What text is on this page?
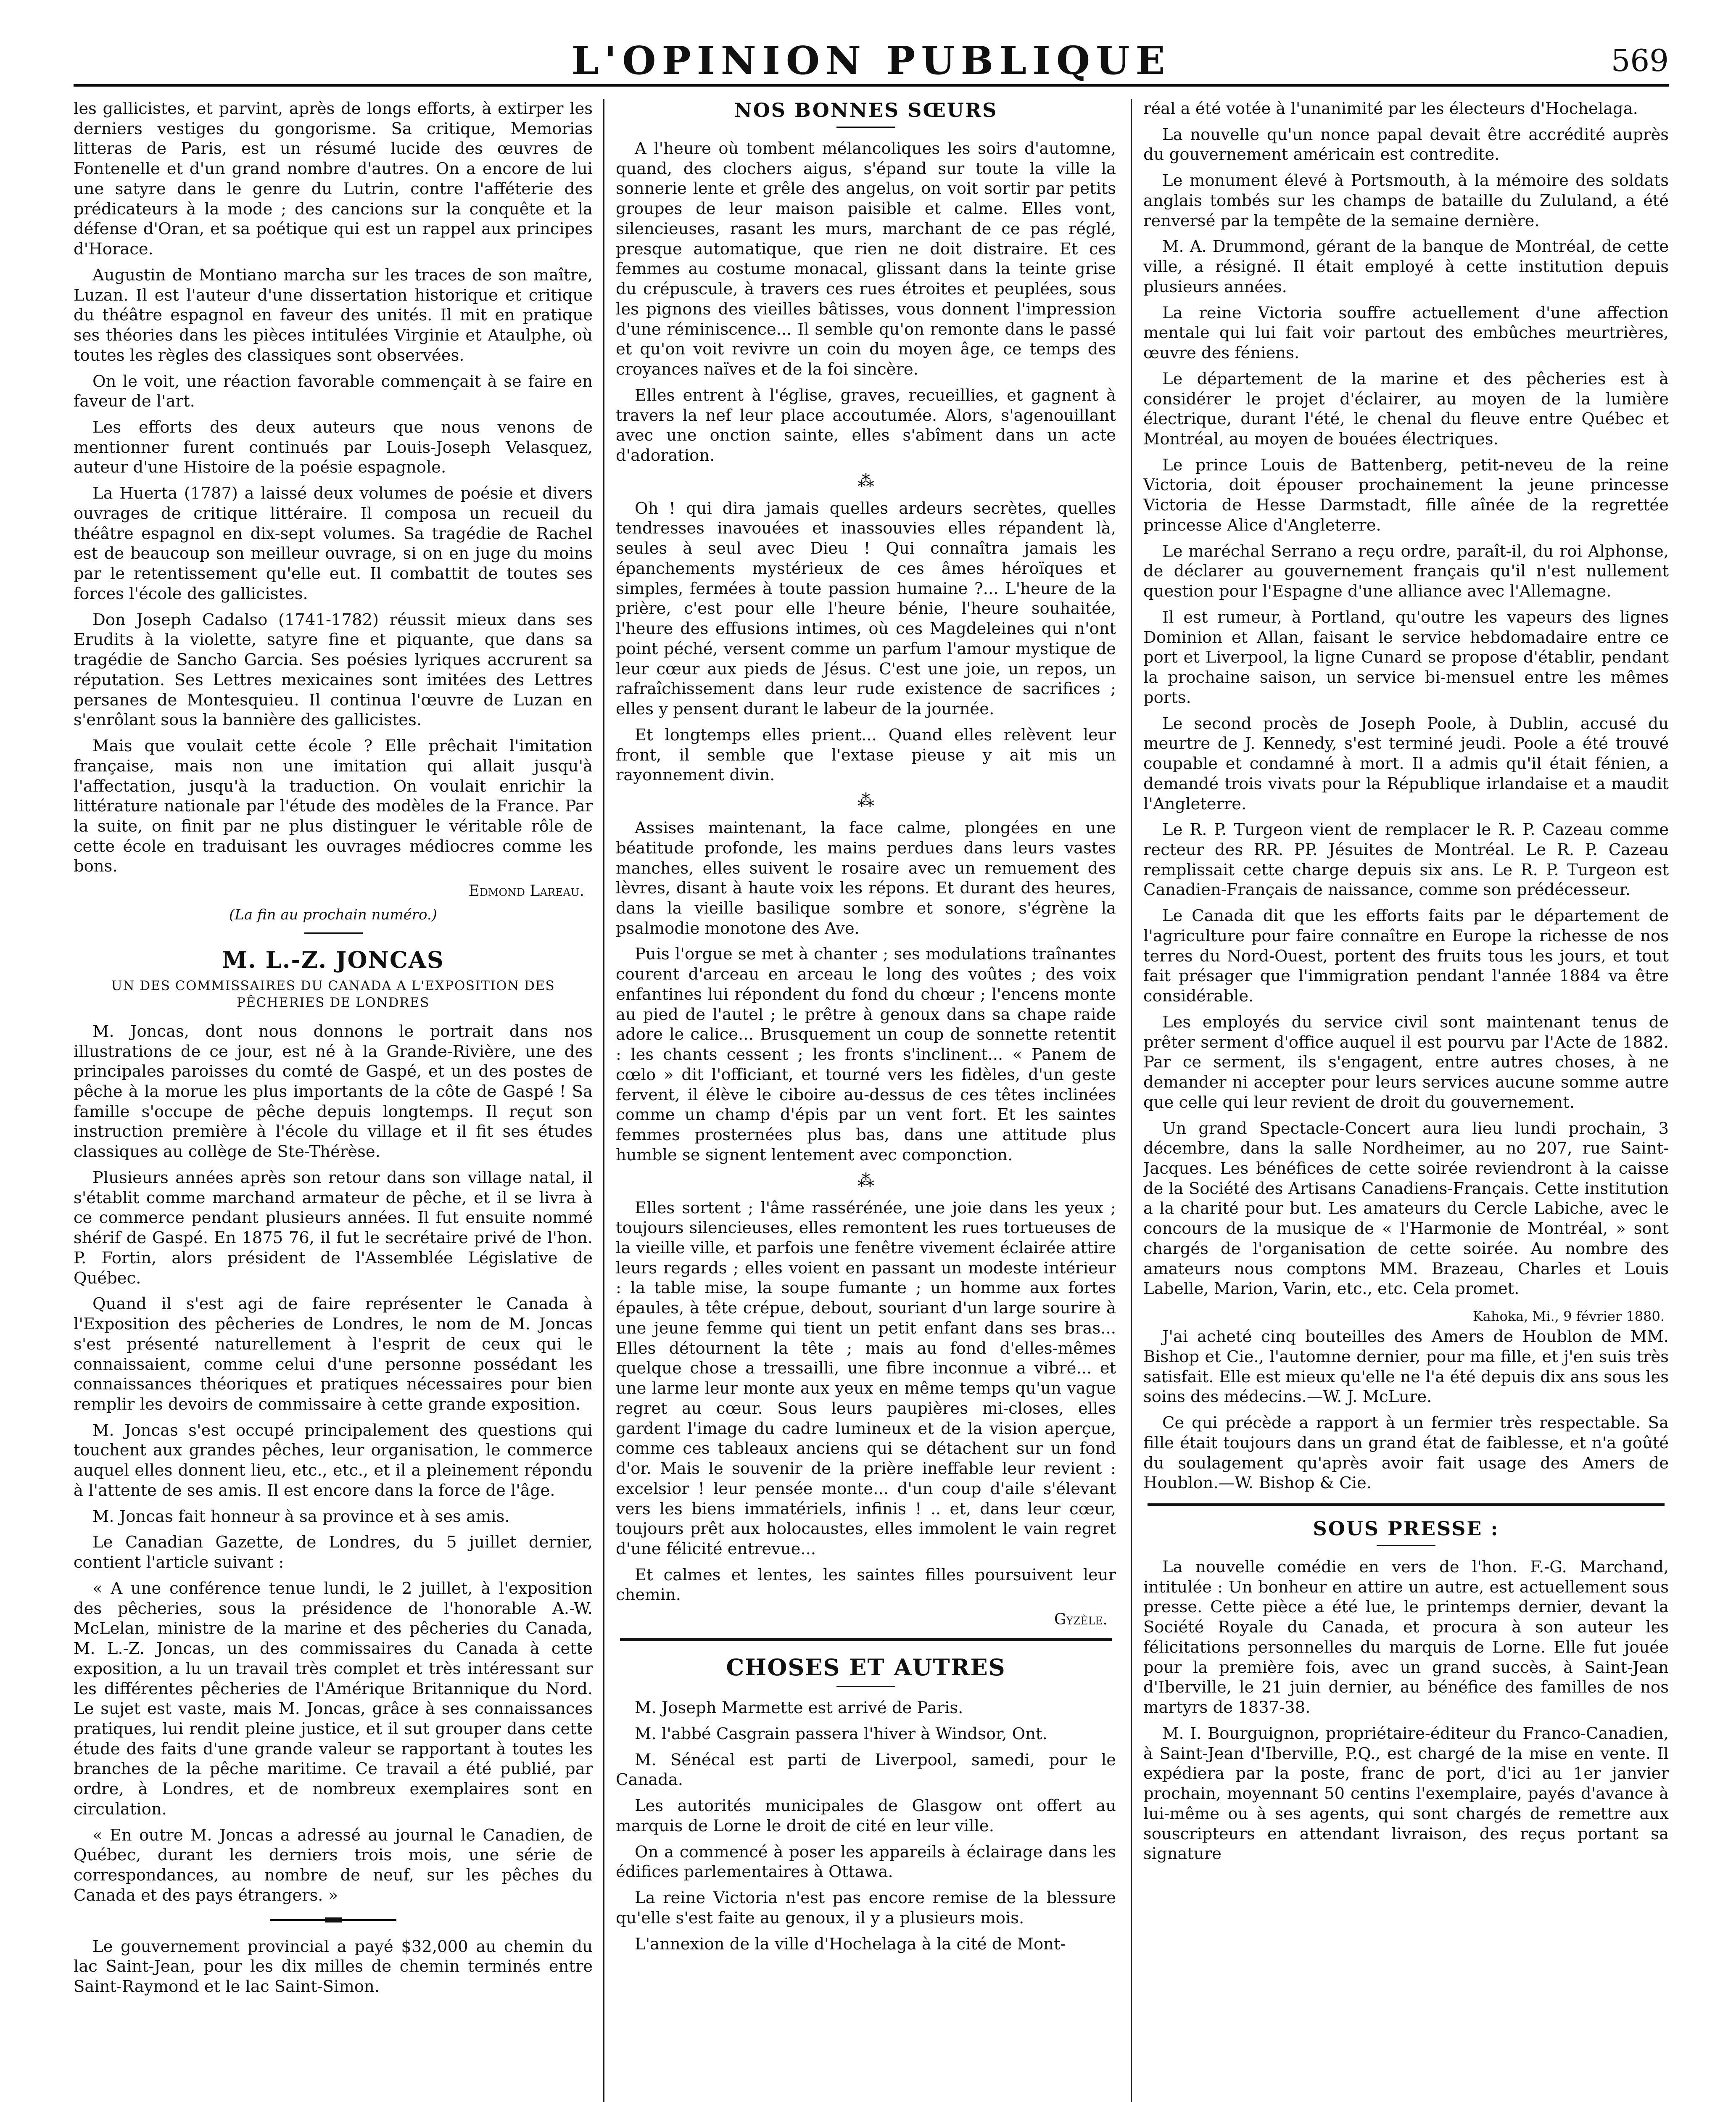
L'OPINION PUBLIQUE	569

les gallicistes, et parvint, après de longs efforts, à extirper les derniers vestiges du gongorisme. Sa critique, Memorias litteras de Paris, est un résumé lucide des œuvres de Fontenelle et d'un grand nombre d'autres. On a encore de lui une satyre dans le genre du Lutrin, contre l'afféterie des prédicateurs à la mode ; des cancions sur la conquête et la défense d'Oran, et sa poétique qui est un rappel aux principes d'Horace.

Augustin de Montiano marcha sur les traces de son maître, Luzan. Il est l'auteur d'une dissertation historique et critique du théâtre espagnol en faveur des unités. Il mit en pratique ses théories dans les pièces intitulées Virginie et Ataulphe, où toutes les règles des classiques sont observées.

On le voit, une réaction favorable commençait à se faire en faveur de l'art.

Les efforts des deux auteurs que nous venons de mentionner furent continués par Louis-Joseph Velasquez, auteur d'une Histoire de la poésie espagnole.

La Huerta (1787) a laissé deux volumes de poésie et divers ouvrages de critique littéraire. Il composa un recueil du théâtre espagnol en dix-sept volumes. Sa tragédie de Rachel est de beaucoup son meilleur ouvrage, si on en juge du moins par le retentissement qu'elle eut. Il combattit de toutes ses forces l'école des gallicistes.

Don Joseph Cadalso (1741-1782) réussit mieux dans ses Erudits à la violette, satyre fine et piquante, que dans sa tragédie de Sancho Garcia. Ses poésies lyriques accrurent sa réputation. Ses Lettres mexicaines sont imitées des Lettres persanes de Montesquieu. Il continua l'œuvre de Luzan en s'enrôlant sous la bannière des gallicistes.

Mais que voulait cette école ? Elle prêchait l'imitation française, mais non une imitation qui allait jusqu'à l'affectation, jusqu'à la traduction. On voulait enrichir la littérature nationale par l'étude des modèles de la France. Par la suite, on finit par ne plus distinguer le véritable rôle de cette école en traduisant les ouvrages médiocres comme les bons.

Edmond Lareau.
(La fin au prochain numéro.)
M. L.-Z. JONCAS
UN DES COMMISSAIRES DU CANADA A L'EXPOSITION DES PÊCHERIES DE LONDRES

M. Joncas, dont nous donnons le portrait dans nos illustrations de ce jour, est né à la Grande-Rivière, une des principales paroisses du comté de Gaspé, et un des postes de pêche à la morue les plus importants de la côte de Gaspé ! Sa famille s'occupe de pêche depuis longtemps. Il reçut son instruction première à l'école du village et il fit ses études classiques au collège de Ste-Thérèse.

Plusieurs années après son retour dans son village natal, il s'établit comme marchand armateur de pêche, et il se livra à ce commerce pendant plusieurs années. Il fut ensuite nommé shérif de Gaspé. En 1875 76, il fut le secrétaire privé de l'hon. P. Fortin, alors président de l'Assemblée Législative de Québec.

Quand il s'est agi de faire représenter le Canada à l'Exposition des pêcheries de Londres, le nom de M. Joncas s'est présenté naturellement à l'esprit de ceux qui le connaissaient, comme celui d'une personne possédant les connaissances théoriques et pratiques nécessaires pour bien remplir les devoirs de commissaire à cette grande exposition.

M. Joncas s'est occupé principalement des questions qui touchent aux grandes pêches, leur organisation, le commerce auquel elles donnent lieu, etc., etc., et il a pleinement répondu à l'attente de ses amis. Il est encore dans la force de l'âge.

M. Joncas fait honneur à sa province et à ses amis.

Le Canadian Gazette, de Londres, du 5 juillet dernier, contient l'article suivant :

« A une conférence tenue lundi, le 2 juillet, à l'exposition des pêcheries, sous la présidence de l'honorable A.-W. McLelan, ministre de la marine et des pêcheries du Canada, M. L.-Z. Joncas, un des commissaires du Canada à cette exposition, a lu un travail très complet et très intéressant sur les différentes pêcheries de l'Amérique Britannique du Nord. Le sujet est vaste, mais M. Joncas, grâce à ses connaissances pratiques, lui rendit pleine justice, et il sut grouper dans cette étude des faits d'une grande valeur se rapportant à toutes les branches de la pêche maritime. Ce travail a été publié, par ordre, à Londres, et de nombreux exemplaires sont en circulation.

« En outre M. Joncas a adressé au journal le Canadien, de Québec, durant les derniers trois mois, une série de correspondances, au nombre de neuf, sur les pêches du Canada et des pays étrangers. »

Le gouvernement provincial a payé $32,000 au chemin du lac Saint-Jean, pour les dix milles de chemin terminés entre Saint-Raymond et le lac Saint-Simon.

NOS BONNES SŒURS

A l'heure où tombent mélancoliques les soirs d'automne, quand, des clochers aigus, s'épand sur toute la ville la sonnerie lente et grêle des angelus, on voit sortir par petits groupes de leur maison paisible et calme. Elles vont, silencieuses, rasant les murs, marchant de ce pas réglé, presque automatique, que rien ne doit distraire. Et ces femmes au costume monacal, glissant dans la teinte grise du crépuscule, à travers ces rues étroites et peuplées, sous les pignons des vieilles bâtisses, vous donnent l'impression d'une réminiscence... Il semble qu'on remonte dans le passé et qu'on voit revivre un coin du moyen âge, ce temps des croyances naïves et de la foi sincère.

Elles entrent à l'église, graves, recueillies, et gagnent à travers la nef leur place accoutumée. Alors, s'agenouillant avec une onction sainte, elles s'abîment dans un acte d'adoration.

⁂

Oh ! qui dira jamais quelles ardeurs secrètes, quelles tendresses inavouées et inassouvies elles répandent là, seules à seul avec Dieu ! Qui connaîtra jamais les épanchements mystérieux de ces âmes héroïques et simples, fermées à toute passion humaine ?... L'heure de la prière, c'est pour elle l'heure bénie, l'heure souhaitée, l'heure des effusions intimes, où ces Magdeleines qui n'ont point péché, versent comme un parfum l'amour mystique de leur cœur aux pieds de Jésus. C'est une joie, un repos, un rafraîchissement dans leur rude existence de sacrifices ; elles y pensent durant le labeur de la journée.

Et longtemps elles prient... Quand elles relèvent leur front, il semble que l'extase pieuse y ait mis un rayonnement divin.

⁂

Assises maintenant, la face calme, plongées en une béatitude profonde, les mains perdues dans leurs vastes manches, elles suivent le rosaire avec un remuement des lèvres, disant à haute voix les répons. Et durant des heures, dans la vieille basilique sombre et sonore, s'égrène la psalmodie monotone des Ave.

Puis l'orgue se met à chanter ; ses modulations traînantes courent d'arceau en arceau le long des voûtes ; des voix enfantines lui répondent du fond du chœur ; l'encens monte au pied de l'autel ; le prêtre à genoux dans sa chape raide adore le calice... Brusquement un coup de sonnette retentit : les chants cessent ; les fronts s'inclinent... « Panem de cœlo » dit l'officiant, et tourné vers les fidèles, d'un geste fervent, il élève le ciboire au-dessus de ces têtes inclinées comme un champ d'épis par un vent fort. Et les saintes femmes prosternées plus bas, dans une attitude plus humble se signent lentement avec componction.

⁂

Elles sortent ; l'âme rassérénée, une joie dans les yeux ; toujours silencieuses, elles remontent les rues tortueuses de la vieille ville, et parfois une fenêtre vivement éclairée attire leurs regards ; elles voient en passant un modeste intérieur : la table mise, la soupe fumante ; un homme aux fortes épaules, à tête crépue, debout, souriant d'un large sourire à une jeune femme qui tient un petit enfant dans ses bras... Elles détournent la tête ; mais au fond d'elles-mêmes quelque chose a tressailli, une fibre inconnue a vibré... et une larme leur monte aux yeux en même temps qu'un vague regret au cœur. Sous leurs paupières mi-closes, elles gardent l'image du cadre lumineux et de la vision aperçue, comme ces tableaux anciens qui se détachent sur un fond d'or. Mais le souvenir de la prière ineffable leur revient : excelsior ! leur pensée monte... d'un coup d'aile s'élevant vers les biens immatériels, infinis ! .. et, dans leur cœur, toujours prêt aux holocaustes, elles immolent le vain regret d'une félicité entrevue...

Et calmes et lentes, les saintes filles poursuivent leur chemin.

Gyzèle.
CHOSES ET AUTRES

M. Joseph Marmette est arrivé de Paris.

M. l'abbé Casgrain passera l'hiver à Windsor, Ont.

M. Sénécal est parti de Liverpool, samedi, pour le Canada.

Les autorités municipales de Glasgow ont offert au marquis de Lorne le droit de cité en leur ville.

On a commencé à poser les appareils à éclairage dans les édifices parlementaires à Ottawa.

La reine Victoria n'est pas encore remise de la blessure qu'elle s'est faite au genoux, il y a plusieurs mois.

L'annexion de la ville d'Hochelaga à la cité de Mont-

réal a été votée à l'unanimité par les électeurs d'Hochelaga.

La nouvelle qu'un nonce papal devait être accrédité auprès du gouvernement américain est contredite.

Le monument élevé à Portsmouth, à la mémoire des soldats anglais tombés sur les champs de bataille du Zululand, a été renversé par la tempête de la semaine dernière.

M. A. Drummond, gérant de la banque de Montréal, de cette ville, a résigné. Il était employé à cette institution depuis plusieurs années.

La reine Victoria souffre actuellement d'une affection mentale qui lui fait voir partout des embûches meurtrières, œuvre des féniens.

Le département de la marine et des pêcheries est à considérer le projet d'éclairer, au moyen de la lumière électrique, durant l'été, le chenal du fleuve entre Québec et Montréal, au moyen de bouées électriques.

Le prince Louis de Battenberg, petit-neveu de la reine Victoria, doit épouser prochainement la jeune princesse Victoria de Hesse Darmstadt, fille aînée de la regrettée princesse Alice d'Angleterre.

Le maréchal Serrano a reçu ordre, paraît-il, du roi Alphonse, de déclarer au gouvernement français qu'il n'est nullement question pour l'Espagne d'une alliance avec l'Allemagne.

Il est rumeur, à Portland, qu'outre les vapeurs des lignes Dominion et Allan, faisant le service hebdomadaire entre ce port et Liverpool, la ligne Cunard se propose d'établir, pendant la prochaine saison, un service bi-mensuel entre les mêmes ports.

Le second procès de Joseph Poole, à Dublin, accusé du meurtre de J. Kennedy, s'est terminé jeudi. Poole a été trouvé coupable et condamné à mort. Il a admis qu'il était fénien, a demandé trois vivats pour la République irlandaise et a maudit l'Angleterre.

Le R. P. Turgeon vient de remplacer le R. P. Cazeau comme recteur des RR. PP. Jésuites de Montréal. Le R. P. Cazeau remplissait cette charge depuis six ans. Le R. P. Turgeon est Canadien-Français de naissance, comme son prédécesseur.

Le Canada dit que les efforts faits par le département de l'agriculture pour faire connaître en Europe la richesse de nos terres du Nord-Ouest, portent des fruits tous les jours, et tout fait présager que l'immigration pendant l'année 1884 va être considérable.

Les employés du service civil sont maintenant tenus de prêter serment d'office auquel il est pourvu par l'Acte de 1882. Par ce serment, ils s'engagent, entre autres choses, à ne demander ni accepter pour leurs services aucune somme autre que celle qui leur revient de droit du gouvernement.

Un grand Spectacle-Concert aura lieu lundi prochain, 3 décembre, dans la salle Nordheimer, au no 207, rue Saint-Jacques. Les bénéfices de cette soirée reviendront à la caisse de la Société des Artisans Canadiens-Français. Cette institution a la charité pour but. Les amateurs du Cercle Labiche, avec le concours de la musique de « l'Harmonie de Montréal, » sont chargés de l'organisation de cette soirée. Au nombre des amateurs nous comptons MM. Brazeau, Charles et Louis Labelle, Marion, Varin, etc., etc. Cela promet.

Kahoka, Mi., 9 février 1880.

J'ai acheté cinq bouteilles des Amers de Houblon de MM. Bishop et Cie., l'automne dernier, pour ma fille, et j'en suis très satisfait. Elle est mieux qu'elle ne l'a été depuis dix ans sous les soins des médecins.—W. J. McLure.

Ce qui précède a rapport à un fermier très respectable. Sa fille était toujours dans un grand état de faiblesse, et n'a goûté du soulagement qu'après avoir fait usage des Amers de Houblon.—W. Bishop & Cie.

SOUS PRESSE :

La nouvelle comédie en vers de l'hon. F.-G. Marchand, intitulée : Un bonheur en attire un autre, est actuellement sous presse. Cette pièce a été lue, le printemps dernier, devant la Société Royale du Canada, et procura à son auteur les félicitations personnelles du marquis de Lorne. Elle fut jouée pour la première fois, avec un grand succès, à Saint-Jean d'Iberville, le 21 juin dernier, au bénéfice des familles de nos martyrs de 1837-38.

M. I. Bourguignon, propriétaire-éditeur du Franco-Canadien, à Saint-Jean d'Iberville, P.Q., est chargé de la mise en vente. Il expédiera par la poste, franc de port, d'ici au 1er janvier prochain, moyennant 50 centins l'exemplaire, payés d'avance à lui-même ou à ses agents, qui sont chargés de remettre aux souscripteurs en attendant livraison, des reçus portant sa signature
